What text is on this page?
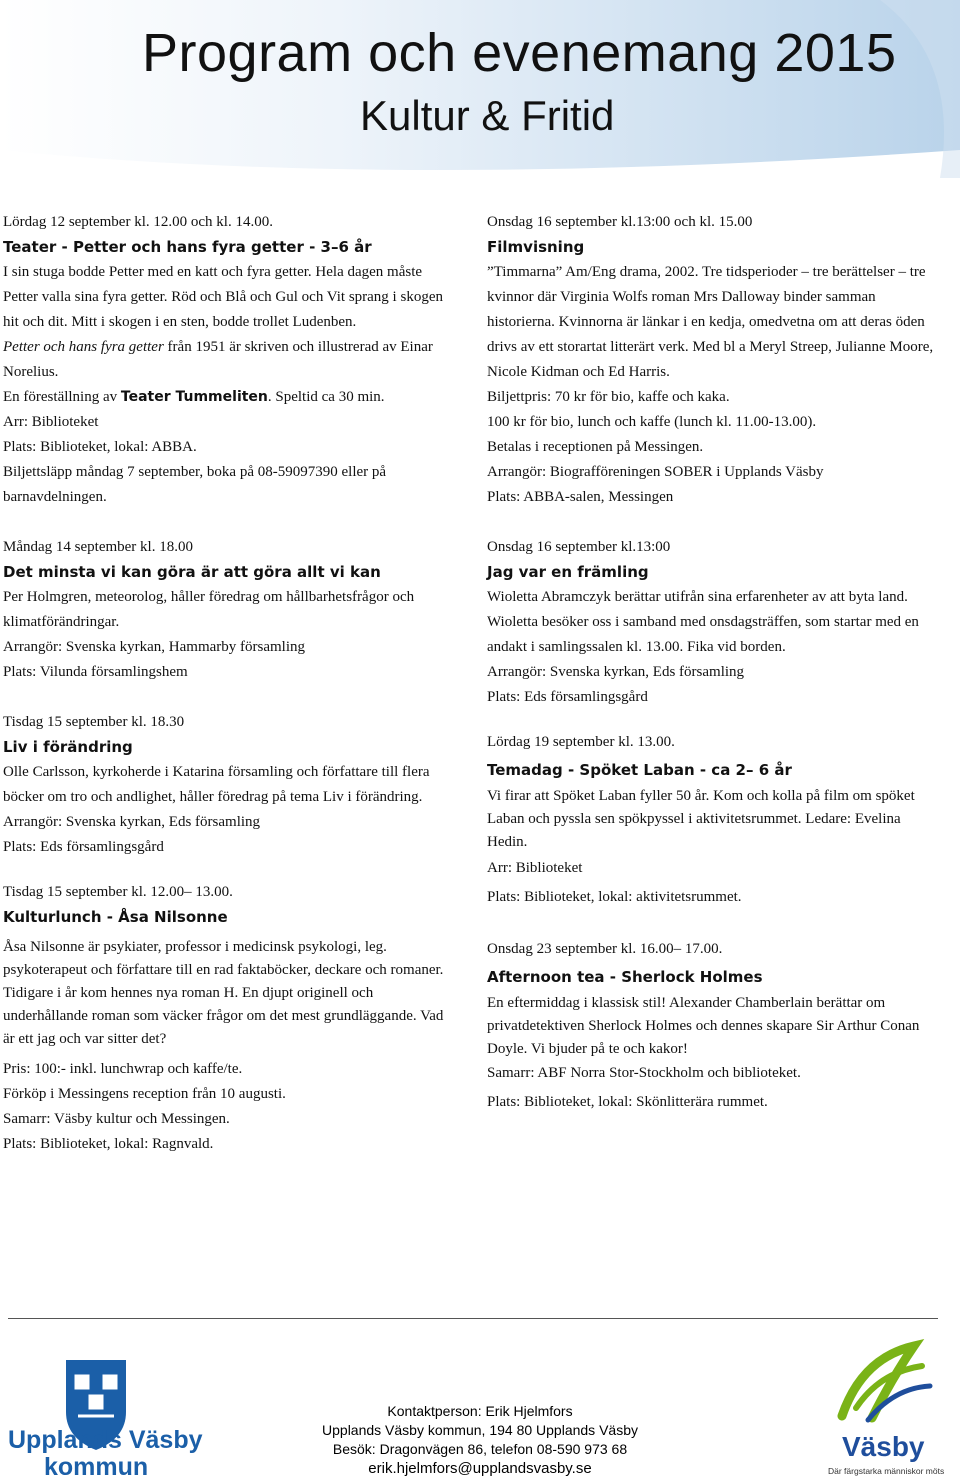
Program och evenemang 2015
Kultur & Fritid

Lördag 12 september kl. 12.00 och kl. 14.00.

Teater - Petter och hans fyra getter - 3–6 år

I sin stuga bodde Petter med en katt och fyra getter. Hela dagen måste Petter valla sina fyra getter. Röd och Blå och Gul och Vit sprang i skogen hit och dit. Mitt i skogen i en sten, bodde trollet Ludenben.

Petter och hans fyra getter från 1951 är skriven och illustrerad av Einar Norelius.

En föreställning av Teater Tummeliten. Speltid ca 30 min.

Arr: Biblioteket

Plats: Biblioteket, lokal: ABBA.

Biljettsläpp måndag 7 september, boka på 08-59097390 eller på barnavdelningen.

Måndag 14 september kl. 18.00

Det minsta vi kan göra är att göra allt vi kan

Per Holmgren, meteorolog, håller föredrag om hållbarhetsfrågor och klimatförändringar.

Arrangör: Svenska kyrkan, Hammarby församling

Plats: Vilunda församlingshem

Tisdag 15 september kl. 18.30

Liv i förändring

Olle Carlsson, kyrkoherde i Katarina församling och författare till flera böcker om tro och andlighet, håller föredrag på tema Liv i förändring.

Arrangör: Svenska kyrkan, Eds församling

Plats: Eds församlingsgård

Tisdag 15 september kl. 12.00– 13.00.

Kulturlunch - Åsa Nilsonne

Åsa Nilsonne är psykiater, professor i medicinsk psykologi, leg. psykoterapeut och författare till en rad faktaböcker, deckare och romaner. Tidigare i år kom hennes nya roman H. En djupt originell och underhållande roman som väcker frågor om det mest grundläggande. Vad är ett jag och var sitter det?

Pris: 100:- inkl. lunchwrap och kaffe/te.

Förköp i Messingens reception från 10 augusti.

Samarr: Väsby kultur och Messingen.

Plats: Biblioteket, lokal: Ragnvald.

Onsdag 16 september kl.13:00 och kl. 15.00

Filmvisning

”Timmarna” Am/Eng drama, 2002. Tre tidsperioder – tre berättelser – tre kvinnor där Virginia Wolfs roman Mrs Dalloway binder samman historierna. Kvinnorna är länkar i en kedja, omedvetna om att deras öden drivs av ett storartat litterärt verk. Med bl a Meryl Streep, Julianne Moore, Nicole Kidman och Ed Harris.

Biljettpris: 70 kr för bio, kaffe och kaka.

100 kr för bio, lunch och kaffe (lunch kl. 11.00-13.00).

Betalas i receptionen på Messingen.

Arrangör: Biografföreningen SOBER i Upplands Väsby

Plats: ABBA-salen, Messingen

Onsdag 16 september kl.13:00

Jag var en främling

Wioletta Abramczyk berättar utifrån sina erfarenheter av att byta land. Wioletta besöker oss i samband med onsdagsträffen, som startar med en andakt i samlingssalen kl. 13.00. Fika vid borden.

Arrangör: Svenska kyrkan, Eds församling

Plats: Eds församlingsgård

Lördag 19 september kl. 13.00.

Temadag - Spöket Laban - ca 2– 6 år

Vi firar att Spöket Laban fyller 50 år. Kom och kolla på film om spöket Laban och pyssla sen spökpyssel i aktivitetsrummet. Ledare: Evelina Hedin.

Arr: Biblioteket

Plats: Biblioteket, lokal: aktivitetsrummet.

Onsdag 23 september kl. 16.00– 17.00.

Afternoon tea - Sherlock Holmes

En eftermiddag i klassisk stil! Alexander Chamberlain berättar om privatdetektiven Sherlock Holmes och dennes skapare Sir Arthur Conan Doyle. Vi bjuder på te och kakor!

Samarr: ABF Norra Stor-Stockholm och biblioteket.

Plats: Biblioteket, lokal: Skönlitterära rummet.

Upplands Väsby
kommun
Kontaktperson: Erik Hjelmfors
Upplands Väsby kommun, 194 80 Upplands Väsby
Besök: Dragonvägen 86, telefon 08-590 973 68
erik.hjelmfors@upplandsvasby.se
Väsby
Där färgstarka människor möts
